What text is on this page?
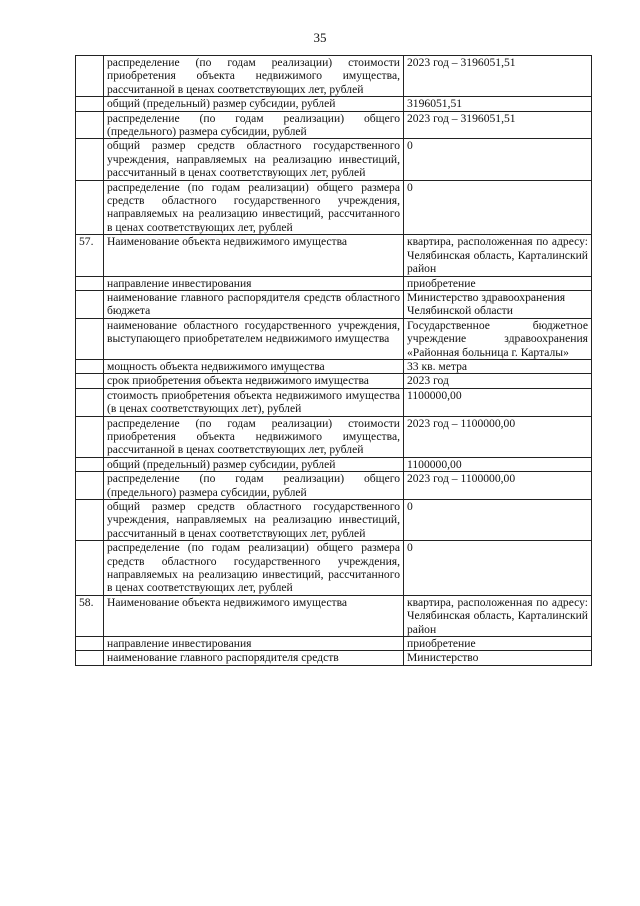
35
	распределение (по годам реализации) стоимости приобретения объекта недвижимого имущества, рассчитанной в ценах соответствующих лет, рублей	2023 год – 3196051,51
	общий (предельный) размер субсидии, рублей	3196051,51
	распределение (по годам реализации) общего (предельного) размера субсидии, рублей	2023 год – 3196051,51
	общий размер средств областного государственного учреждения, направляемых на реализацию инвестиций, рассчитанный в ценах соответствующих лет, рублей	0
	распределение (по годам реализации) общего размера средств областного государственного учреждения, направляемых на реализацию инвестиций, рассчитанного в ценах соответствующих лет, рублей	0
57.	Наименование объекта недвижимого имущества	квартира, расположенная по адресу: Челябинская область, Карталинский район
	направление инвестирования	приобретение
	наименование главного распорядителя средств областного бюджета	Министерство здравоохранения Челябинской области
	наименование областного государственного учреждения, выступающего приобретателем недвижимого имущества	Государственное бюджетное учреждение здравоохранения «Районная больница г. Карталы»
	мощность объекта недвижимого имущества	33 кв. метра
	срок приобретения объекта недвижимого имущества	2023 год
	стоимость приобретения объекта недвижимого имущества (в ценах соответствующих лет), рублей	1100000,00
	распределение (по годам реализации) стоимости приобретения объекта недвижимого имущества, рассчитанной в ценах соответствующих лет, рублей	2023 год – 1100000,00
	общий (предельный) размер субсидии, рублей	1100000,00
	распределение (по годам реализации) общего (предельного) размера субсидии, рублей	2023 год – 1100000,00
	общий размер средств областного государственного учреждения, направляемых на реализацию инвестиций, рассчитанный в ценах соответствующих лет, рублей	0
	распределение (по годам реализации) общего размера средств областного государственного учреждения, направляемых на реализацию инвестиций, рассчитанного в ценах соответствующих лет, рублей	0
58.	Наименование объекта недвижимого имущества	квартира, расположенная по адресу: Челябинская область, Карталинский район
	направление инвестирования	приобретение
	наименование главного распорядителя средств	Министерство
